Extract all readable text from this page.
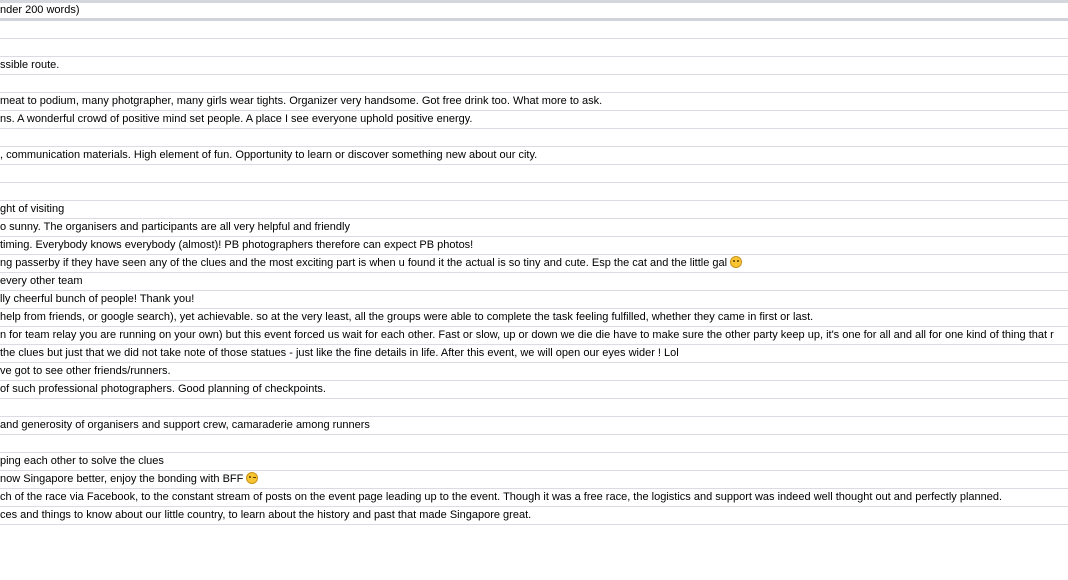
nder 200 words)
ssible route.
meat to podium, many photgrapher, many girls wear tights. Organizer very handsome. Got free drink too. What more to ask.
ns. A wonderful crowd of positive mind set people. A place I see everyone uphold positive energy.
, communication materials. High element of fun. Opportunity to learn or discover something new about our city.
ght of visiting
o sunny. The organisers and participants are all very helpful and friendly
timing. Everybody knows everybody (almost)! PB photographers therefore can expect PB photos!
ng passerby if they have seen any of the clues and the most exciting part is when u found it the actual is so tiny and cute. Esp the cat and the little gal
every other team
lly cheerful bunch of people! Thank you!
help from friends, or google search), yet achievable. so at the very least, all the groups were able to complete the task feeling fulfilled, whether they came in first or last.
n for team relay you are running on your own) but this event forced us wait for each other. Fast or slow, up or down we die die have to make sure the other party keep up, it's one for all and all for one kind of thing that r
the clues but just that we did not take note of those statues - just like the fine details in life. After this event, we will open our eyes wider ! Lol
ve got to see other friends/runners.
of such professional photographers. Good planning of checkpoints.
and generosity of organisers and support crew, camaraderie among runners
ping each other to solve the clues
now Singapore better, enjoy the bonding with BFF
ch of the race via Facebook, to the constant stream of posts on the event page leading up to the event. Though it was a free race, the logistics and support was indeed well thought out and perfectly planned.
ces and things to know about our little country, to learn about the history and past that made Singapore great.
